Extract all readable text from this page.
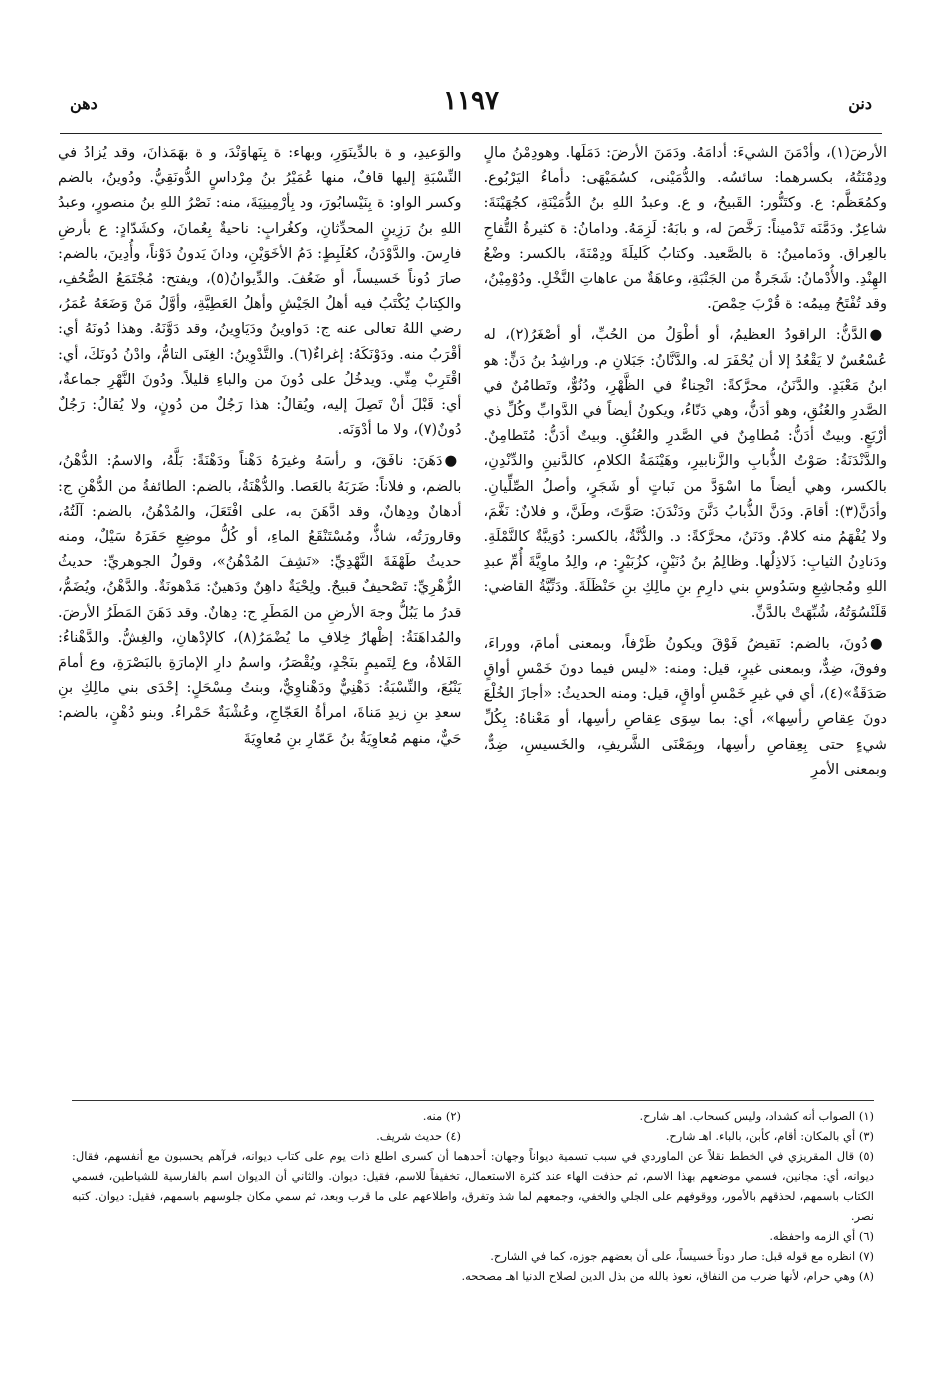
دنن
١١٩٧
دهن

الأرضَ(١)، وأدْمَنَ الشيءَ: أدامَهُ. ودَمَنَ الأرضَ: دَمَلَها. وهودِمْنُ مالٍ ودِمْنَتُهُ، بكسرهما: سائسُه. والدُّمَيْنى، كسُمَيْهَى: دأماءُ اليَرْبُوع. وكمُعَظَّم: ع. وكتَنُّور: القَبيحُ، و ع. وعبدُ اللهِ بنُ الدُّمَيْنَةِ، كجُهَيْنَةَ: شاعِرٌ. ودَمَّنَه تَدْميناً: رَخَّصَ له، و بابَهُ: لَزِمَهُ. ودامانُ: ة كثيرةُ التُّفاحِ بالعِراق. ودَمامينُ: ة بالصَّعيد. وكتابُ كَليلَةَ ودِمْنَةَ، بالكسر: وضْعُ الهِنْدِ. والأُدْمانُ: شَجَرةٌ من الجَنْبَةِ، وعاهَةٌ من عاهاتِ النَّخْلِ. ودُوْمِيْنُ، وقد تُفْتَحُ مِيمُه: ة قُرْبَ حِمْصَ.

●الدَّنُّ: الراقودُ العظيمُ، أو أطْوَلُ من الحُبِّ، أو أصْغَرُ(٢)، له عُسْعُسٌ لا يَقْعُدُ إلا أن يُحْفَرَ له. والدَّنَّانُ: جَبَلانِ م. وراشِدُ بنُ دَنٍّ: هو ابنُ مَعْبَدٍ. والدَّنَنُ، محرَّكةً: انْحِناءٌ في الظَّهْرِ، ودُنُوٌّ، وتَطامُنٌ في الصَّدرِ والعُنُقِ، وهو أدَنُّ، وهي دَنّاءُ، ويكونُ أيضاً في الدَّوابِّ وكُلِّ ذي أرْبَعٍ. وبيتٌ أدَنُّ: مُطامِنٌ في الصَّدرِ والعُنُقِ. وبيتٌ أدَنُّ: مُتَطامِنٌ. والدَّنْدَنَةُ: صَوْتُ الذُّبابِ والزَّنابيرِ، وهَيْنَمَةُ الكلامِ، كالدَّنينِ والدِّنْدِنِ، بالكسر، وهي أيضاً ما اسْوَدَّ من نَباتٍ أو شَجَرٍ، وأصلُ الصِّلِّيانِ. وأدَنَّ(٣): أقامَ. ودَنَّ الذُّبابُ دَنَّنَ ودَنْدَنَ: صَوَّتَ، وطَنَّ، و فلانٌ: نَغَّمَ، ولا يُفْهَمُ منه كلامٌ. ودَنَنُ، محرَّكةً: د. والدُّنَّةُ، بالكسر: دُوَيبَّةٌ كالنَّمْلَةِ. ودَنادِنُ الثيابِ: ذَلاذِلُها. وظالِمُ بنُ دُنَيْنٍ، كزُبَيْرٍ: م، والِدُ ماوِيَّةَ أُمِّ عبدِ اللهِ ومُجاشِعِ وسَدُوسِ بني دارِمِ بنِ مالِكِ بنِ حَنْظَلَةَ. ودَنِّيَّةُ القاضي: قَلَنْسُوَتُهُ، شُبِّهَتْ بالدَّنِّ.

●دُونَ، بالضم: نَقيضُ فَوْقَ ويكونُ ظَرْفاً، وبمعنى أمامَ، ووراءَ، وفوقَ، ضِدٌّ، وبمعنى غيرٍ، قيل: ومنه: «ليس فيما دونَ خَمْسِ أواقٍ صَدَقَةٌ»(٤)، أي في غيرِ خَمْسِ أواقٍ، قيل: ومنه الحديثُ: «أجازَ الخُلْعَ دونَ عِقاصِ رأسِها»، أي: بما سِوَى عِقاصِ رأسِها، أو مَعْناهُ: بِكُلِّ شيءٍ حتى بِعِقاصِ رأسِها، وبِمَعْنَى الشَّريفِ، والخَسيسِ، ضِدٌّ، وبمعنى الأمرِ

والوَعيدِ، و ة بالدِّينَوَرِ، وبهاء: ة بِنَهاوَنْدَ، و ة بهَمَذانَ، وقد يُزادُ في النِّسْبَةِ إليها قافٌ، منها عُمَيْرُ بنُ مِرْداسٍ الدُّونَقِيُّ. ودُوينُ، بالضم وكسر الواو: ة بِنَيْسابُورَ، ود بِأرْمِينِيَةَ، منه: نَصْرُ اللهِ بنُ منصورٍ، وعبدُ اللهِ بنُ رَزِينٍ المحدِّثانِ، وكغُرابٍ: ناحيةٌ بِعُمانَ، وكشَدّادٍ: ع بأرضِ فارِسَ. والدَّوْدَنُ، كعُلَبِطٍ: دَمُ الأخَوَيْنِ، ودانَ يَدونُ دَوْناً، وأُدِينَ، بالضم: صارَ دُوناً خَسيساً، أو ضَعُفَ. والدِّيوانُ(٥)، ويفتح: مُجْتَمَعُ الصُّحُفِ، والكِتابُ يُكْتَبُ فيه أهلُ الجَيْشِ وأهلُ العَطِيَّةِ، وأوَّلُ مَنْ وَضَعَهُ عُمَرُ، رضي اللهُ تعالى عنه ج: دَواوينُ ودَيَاوِينُ، وقد دَوَّنَهُ. وهذا دُونَهُ أي: أقْرَبُ منه. ودَوْنَكَهُ: إغراءٌ(٦). والتَّدْوِينُ: الغِنَى التامُّ، وادْنُ دُونَكَ، أي: اقْتَرِبْ مِنِّي. ويدخُلُ على دُونَ من والباءِ قليلاً. ودُونَ النَّهْرِ جماعةٌ، أي: قَبْلَ أنْ تَصِلَ إليه، ويُقالُ: هذا رَجُلٌ من دُونٍ، ولا يُقالُ: رَجُلٌ دُونٌ(٧)، ولا ما أدْوَنَه.

●دَهَنَ: نافَقَ، و رأسَهُ وغيرَهُ دَهْناً ودَهْنَةً: بَلَّهُ، والاسمُ: الدُّهْنُ، بالضم، و فلاناً: ضَرَبَهُ بالعَصا. والدُّهْنَةُ، بالضم: الطائفةُ من الدُّهْنِ ج: أدهانٌ ودِهانٌ، وقد ادَّهَنَ به، على افْتَعَلَ، والمُدْهُنُ، بالضم: آلَتُهُ، وقارورَتُه، شاذٌّ، ومُسْتَنْقَعُ الماءِ، أو كُلُّ موضِعِ حَفَرَهُ سَيْلٌ، ومنه حديثُ طَهْفَةَ النَّهْدِيِّ: «نَشِفَ المُدْهُنُ»، وقولُ الجوهريِّ: حديثُ الزُّهْرِيِّ: تَصْحيفٌ قبيحٌ. ولِحْيَةٌ داهِنٌ ودَهينٌ: مَدْهونَةٌ. والدَّهْنُ، ويُضَمُّ، قدرُ ما يَبُلُّ وجهَ الأرضِ من المَطَرِ ج: دِهانٌ. وقد دَهَنَ المَطَرُ الأرضَ. والمُداهَنَةُ: إظْهارُ خِلافِ ما يُضْمَرُ(٨)، كالإدْهانِ، والغِشُّ. والدَّهْناءُ: الفَلاةُ، وع لِتَميمٍ بنَجْدٍ، ويُقْصَرُ، واسمُ دارِ الإمارَةِ بالبَصْرَةِ، وع أمامَ يَنْبُعَ، والنِّسْبَةُ: دَهْنِيٌّ ودَهْناوِيٌّ، وبنتُ مِسْحَلٍ: إحْدَى بني مالِكِ بنِ سعدِ بنِ زيدِ مَناةَ، امرأةُ العَجّاجِ، وعُشْبَةٌ حَمْراءُ. وبنو دُهْنٍ، بالضم: حَيٌّ، منهم مُعاوِيَةُ بنُ عَمّارِ بنِ مُعاوِيَةَ

(١) الصواب أنه كشداد، وليس كسحاب. اهـ شارح.
(٢) منه.
(٣) أي بالمكان: أقام، كأبن، بالباء. اهـ شارح.
(٤) حديث شريف.

(٥) قال المقريزي في الخطط نقلاً عن الماوردي في سبب تسمية ديواناً وجهان: أحدهما أن كسرى اطلع ذات يوم على كتاب ديوانه، فرآهم يحسبون مع أنفسهم، فقال: ديوانه، أي: مجانين، فسمي موضعهم بهذا الاسم، ثم حذفت الهاء عند كثرة الاستعمال، تخفيفاً للاسم، فقيل: ديوان. والثاني أن الديوان اسم بالفارسية للشياطين، فسمي الكتاب باسمهم، لحذقهم بالأمور، ووقوفهم على الجلي والخفي، وجمعهم لما شذ وتفرق، واطلاعهم على ما قرب وبعد، ثم سمي مكان جلوسهم باسمهم، فقيل: ديوان. كتبه نصر.

(٦) أي الزمه واحفظه.

(٧) انظره مع قوله قبل: صار دوناً خسيساً، على أن بعضهم جوزه، كما في الشارح.

(٨) وهي حرام، لأنها ضرب من النفاق، نعوذ بالله من بذل الدين لصلاح الدنيا اهـ مصححه.
